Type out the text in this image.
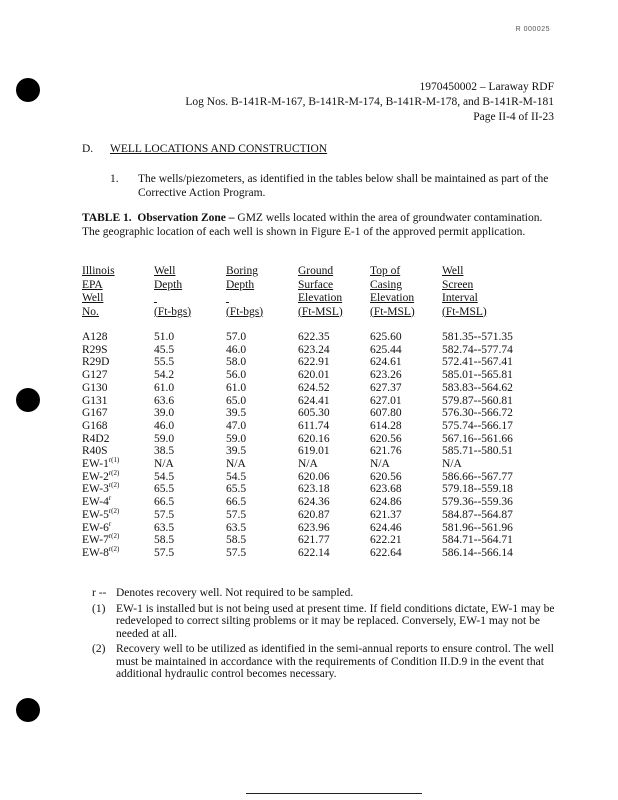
R 000025
1970450002 – Laraway RDF
Log Nos. B-141R-M-167, B-141R-M-174, B-141R-M-178, and B-141R-M-181
Page II-4 of II-23
D. WELL LOCATIONS AND CONSTRUCTION
1. The wells/piezometers, as identified in the tables below shall be maintained as part of the Corrective Action Program.
TABLE 1. Observation Zone – GMZ wells located within the area of groundwater contamination. The geographic location of each well is shown in Figure E-1 of the approved permit application.
Illinois
EPA
Well
No.	Well
Depth

(Ft-bgs)	Boring
Depth

(Ft-bgs)	Ground
Surface
Elevation
(Ft-MSL)	Top of
Casing
Elevation
(Ft-MSL)	Well
Screen
Interval
(Ft-MSL)

A128	51.0	57.0	622.35	625.60	581.35--571.35
R29S	45.5	46.0	623.24	625.44	582.74--577.74
R29D	55.5	58.0	622.91	624.61	572.41--567.41
G127	54.2	56.0	620.01	623.26	585.01--565.81
G130	61.0	61.0	624.52	627.37	583.83--564.62
G131	63.6	65.0	624.41	627.01	579.87--560.81
G167	39.0	39.5	605.30	607.80	576.30--566.72
G168	46.0	47.0	611.74	614.28	575.74--566.17
R4D2	59.0	59.0	620.16	620.56	567.16--561.66
R40S	38.5	39.5	619.01	621.76	585.71--580.51
$EW-1^{r(1)}$	N/A	N/A	N/A	N/A	N/A
$EW-2^{r(2)}$	54.5	54.5	620.06	620.56	586.66--567.77
$EW-3^{r(2)}$	65.5	65.5	623.18	623.68	579.18--559.18
EW-4$^r$	66.5	66.5	624.36	624.86	579.36--559.36
$EW-5^{r(2)}$	57.5	57.5	620.87	621.37	584.87--564.87
EW-6$^r$	63.5	63.5	623.96	624.46	581.96--561.96
$EW-7^{r(2)}$	58.5	58.5	621.77	622.21	584.71--564.71
$EW-8^{r(2)}$	57.5	57.5	622.14	622.64	586.14--566.14
r -- Denotes recovery well. Not required to be sampled.
(1) EW-1 is installed but is not being used at present time. If field conditions dictate, EW-1 may be redeveloped to correct silting problems or it may be replaced. Conversely, EW-1 may not be needed at all.
(2) Recovery well to be utilized as identified in the semi-annual reports to ensure control. The well must be maintained in accordance with the requirements of Condition II.D.9 in the event that additional hydraulic control becomes necessary.
